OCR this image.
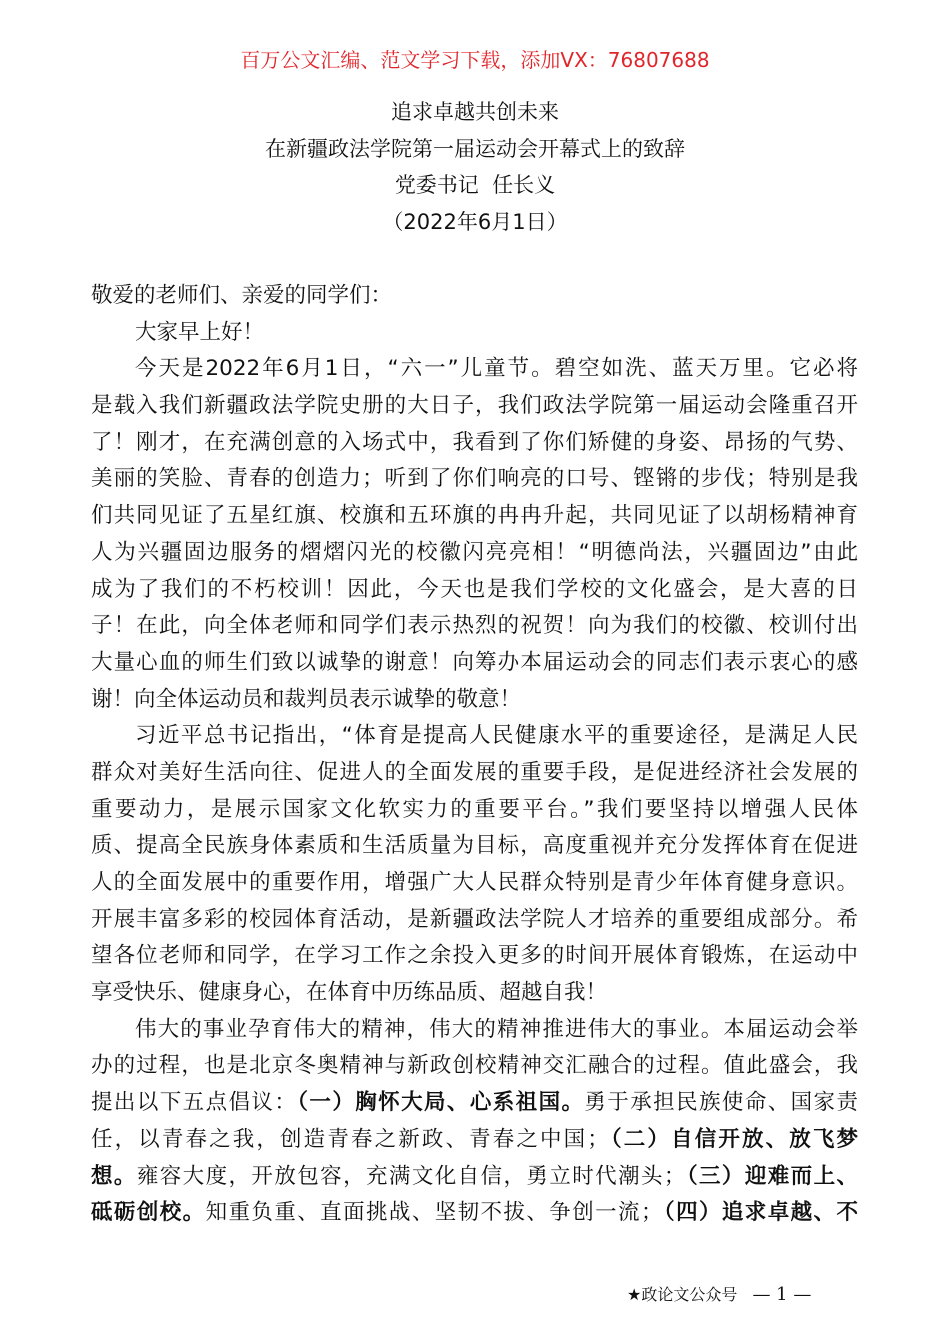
百万公文汇编、范文学习下载，添加VX：76807688
追求卓越共创未来
在新疆政法学院第一届运动会开幕式上的致辞
党委书记  任长义
（2022年6月1日）
敬爱的老师们、亲爱的同学们：
大家早上好！
今天是2022年6月1日，“六一”儿童节。碧空如洗、蓝天万里。它必将
是载入我们新疆政法学院史册的大日子，我们政法学院第一届运动会隆重召开
了！刚才，在充满创意的入场式中，我看到了你们矫健的身姿、昂扬的气势、
美丽的笑脸、青春的创造力；听到了你们响亮的口号、铿锵的步伐；特别是我
们共同见证了五星红旗、校旗和五环旗的冉冉升起，共同见证了以胡杨精神育
人为兴疆固边服务的熠熠闪光的校徽闪亮亮相！“明德尚法，兴疆固边”由此
成为了我们的不朽校训！因此，今天也是我们学校的文化盛会，是大喜的日
子！在此，向全体老师和同学们表示热烈的祝贺！向为我们的校徽、校训付出
大量心血的师生们致以诚挚的谢意！向筹办本届运动会的同志们表示衷心的感
谢！向全体运动员和裁判员表示诚挚的敬意！
习近平总书记指出，“体育是提高人民健康水平的重要途径，是满足人民
群众对美好生活向往、促进人的全面发展的重要手段，是促进经济社会发展的
重要动力，是展示国家文化软实力的重要平台。”我们要坚持以增强人民体
质、提高全民族身体素质和生活质量为目标，高度重视并充分发挥体育在促进
人的全面发展中的重要作用，增强广大人民群众特别是青少年体育健身意识。
开展丰富多彩的校园体育活动，是新疆政法学院人才培养的重要组成部分。希
望各位老师和同学，在学习工作之余投入更多的时间开展体育锻炼，在运动中
享受快乐、健康身心，在体育中历练品质、超越自我！
伟大的事业孕育伟大的精神，伟大的精神推进伟大的事业。本届运动会举
办的过程，也是北京冬奥精神与新政创校精神交汇融合的过程。值此盛会，我
提出以下五点倡议：（一）胸怀大局、心系祖国。勇于承担民族使命、国家责
任，以青春之我，创造青春之新政、青春之中国；（二）自信开放、放飞梦
想。雍容大度，开放包容，充满文化自信，勇立时代潮头；（三）迎难而上、
砥砺创校。知重负重、直面挑战、坚韧不拔、争创一流；（四）追求卓越、不
★政论文公众号 — 1 —
